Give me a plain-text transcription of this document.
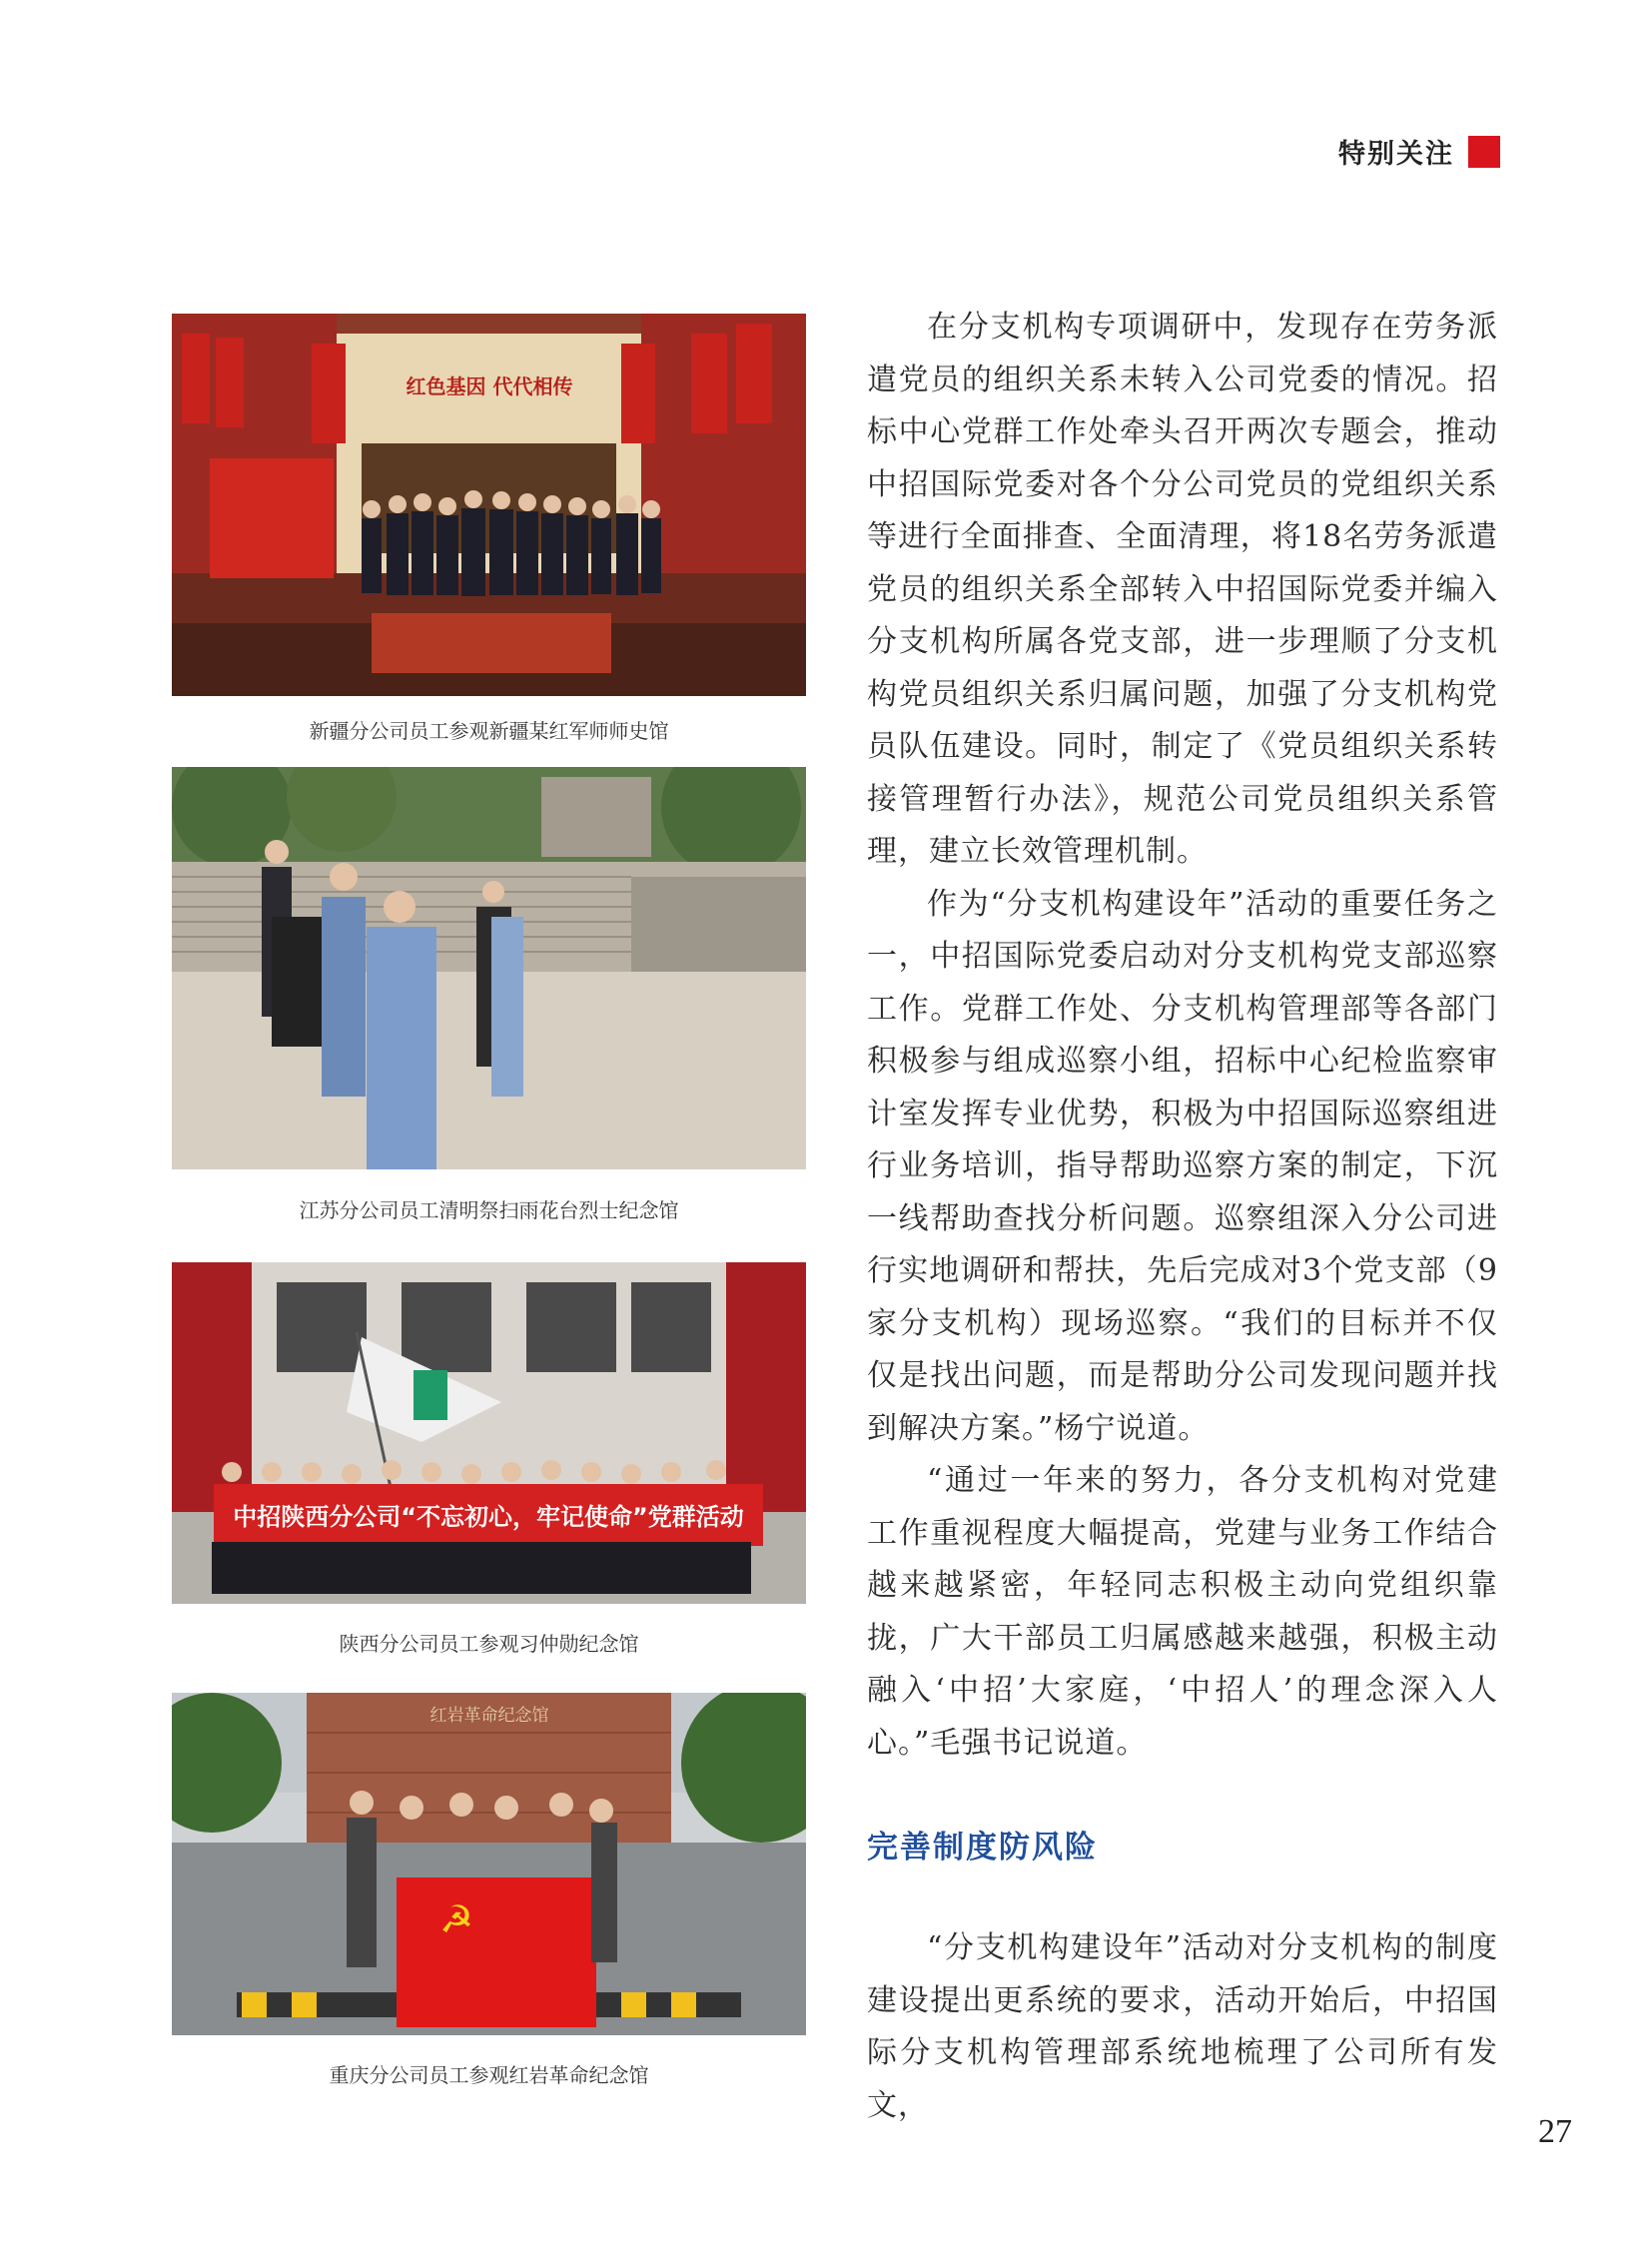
特别关注
红色基因 代代相传
新疆分公司员工参观新疆某红军师师史馆
江苏分公司员工清明祭扫雨花台烈士纪念馆
中招陕西分公司“不忘初心，牢记使命”党群活动
陕西分公司员工参观习仲勋纪念馆
红岩革命纪念馆
☭
重庆分公司员工参观红岩革命纪念馆

在分支机构专项调研中，发现存在劳务派遣党员的组织关系未转入公司党委的情况。招标中心党群工作处牵头召开两次专题会，推动中招国际党委对各个分公司党员的党组织关系等进行全面排查、全面清理，将18名劳务派遣党员的组织关系全部转入中招国际党委并编入分支机构所属各党支部，进一步理顺了分支机构党员组织关系归属问题，加强了分支机构党员队伍建设。同时，制定了《党员组织关系转接管理暂行办法》，规范公司党员组织关系管理，建立长效管理机制。

作为“分支机构建设年”活动的重要任务之一，中招国际党委启动对分支机构党支部巡察工作。党群工作处、分支机构管理部等各部门积极参与组成巡察小组，招标中心纪检监察审计室发挥专业优势，积极为中招国际巡察组进行业务培训，指导帮助巡察方案的制定，下沉一线帮助查找分析问题。巡察组深入分公司进行实地调研和帮扶，先后完成对3个党支部（9家分支机构）现场巡察。“我们的目标并不仅仅是找出问题，而是帮助分公司发现问题并找到解决方案。”杨宁说道。

“通过一年来的努力，各分支机构对党建工作重视程度大幅提高，党建与业务工作结合越来越紧密，年轻同志积极主动向党组织靠拢，广大干部员工归属感越来越强，积极主动融入‘中招’大家庭，‘中招人’的理念深入人心。”毛强书记说道。

完善制度防风险

“分支机构建设年”活动对分支机构的制度建设提出更系统的要求，活动开始后，中招国际分支机构管理部系统地梳理了公司所有发文，

27
